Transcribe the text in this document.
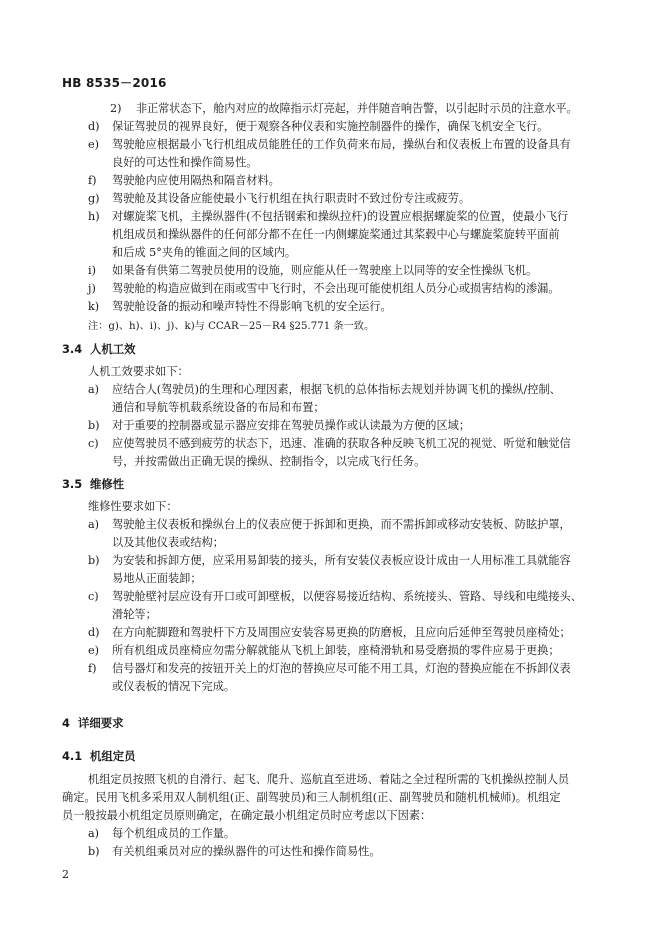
HB 8535－2016
2) 非正常状态下，舱内对应的故障指示灯亮起，并伴随音响告警，以引起时示员的注意水平。
d) 保证驾驶员的视界良好，便于观察各种仪表和实施控制器件的操作，确保飞机安全飞行。
e) 驾驶舱应根据最小飞行机组成员能胜任的工作负荷来布局，操纵台和仪表板上布置的设备具有
良好的可达性和操作简易性。
f) 驾驶舱内应使用隔热和隔音材料。
g) 驾驶舱及其设备应能使最小飞行机组在执行职责时不致过份专注或疲劳。
h) 对螺旋桨飞机，主操纵器件(不包括钢索和操纵拉杆)的设置应根据螺旋桨的位置，使最小飞行
机组成员和操纵器件的任何部分都不在任一内侧螺旋桨通过其桨毂中心与螺旋桨旋转平面前
和后成 5°夹角的锥面之间的区域内。
i) 如果备有供第二驾驶员使用的设施，则应能从任一驾驶座上以同等的安全性操纵飞机。
j) 驾驶舱的构造应做到在雨或雪中飞行时，不会出现可能使机组人员分心或损害结构的渗漏。
k) 驾驶舱设备的振动和噪声特性不得影响飞机的安全运行。
注：g)、h)、i)、j)、k)与 CCAR－25－R4 §25.771 条一致。
3.4 人机工效
人机工效要求如下：
a) 应结合人(驾驶员)的生理和心理因素，根据飞机的总体指标去规划并协调飞机的操纵/控制、
通信和导航等机载系统设备的布局和布置；
b) 对于重要的控制器或显示器应安排在驾驶员操作或认读最为方便的区域；
c) 应使驾驶员不感到疲劳的状态下，迅速、准确的获取各种反映飞机工况的视觉、听觉和触觉信
号，并按需做出正确无误的操纵、控制指令，以完成飞行任务。
3.5 维修性
维修性要求如下：
a) 驾驶舱主仪表板和操纵台上的仪表应便于拆卸和更换，而不需拆卸或移动安装板、防眩护罩，
以及其他仪表或结构；
b) 为安装和拆卸方便，应采用易卸装的接头，所有安装仪表板应设计成由一人用标准工具就能容
易地从正面装卸；
c) 驾驶舱壁衬层应设有开口或可卸壁板，以便容易接近结构、系统接头、管路、导线和电缆接头、
滑轮等；
d) 在方向舵脚蹬和驾驶杆下方及周围应安装容易更换的防磨板，且应向后延伸至驾驶员座椅处；
e) 所有机组成员座椅应勿需分解就能从飞机上卸装，座椅滑轨和易受磨损的零件应易于更换；
f) 信号器灯和发亮的按钮开关上的灯泡的替换应尽可能不用工具，灯泡的替换应能在不拆卸仪表
或仪表板的情况下完成。
4 详细要求
4.1 机组定员
机组定员按照飞机的自滑行、起飞、爬升、巡航直至进场、着陆之全过程所需的飞机操纵控制人员
确定。民用飞机多采用双人制机组(正、副驾驶员)和三人制机组(正、副驾驶员和随机机械师)。机组定
员一般按最小机组定员原则确定，在确定最小机组定员时应考虑以下因素：
a) 每个机组成员的工作量。
b) 有关机组乘员对应的操纵器件的可达性和操作简易性。
2
